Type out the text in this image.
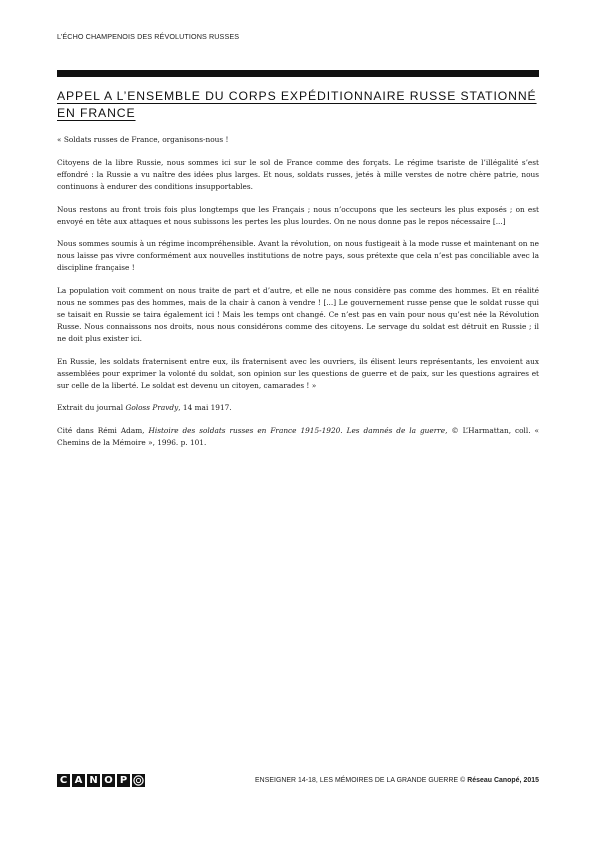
L’ÉCHO CHAMPENOIS DES RÉVOLUTIONS RUSSES
APPEL A L’ENSEMBLE DU CORPS EXPÉDITIONNAIRE RUSSE STATIONNÉ EN FRANCE

« Soldats russes de France, organisons-nous !

Citoyens de la libre Russie, nous sommes ici sur le sol de France comme des forçats. Le régime tsariste de l’illégalité s’est effondré : la Russie a vu naître des idées plus larges. Et nous, soldats russes, jetés à mille verstes de notre chère patrie, nous continuons à endurer des conditions insupportables.

Nous restons au front trois fois plus longtemps que les Français ; nous n’occupons que les secteurs les plus exposés ; on est envoyé en tête aux attaques et nous subissons les pertes les plus lourdes. On ne nous donne pas le repos nécessaire [...]

Nous sommes soumis à un régime incompréhensible. Avant la révolution, on nous fustigeait à la mode russe et maintenant on ne nous laisse pas vivre conformément aux nouvelles institutions de notre pays, sous prétexte que cela n’est pas conciliable avec la discipline française !

La population voit comment on nous traite de part et d’autre, et elle ne nous considère pas comme des hommes. Et en réalité nous ne sommes pas des hommes, mais de la chair à canon à vendre ! [...] Le gouvernement russe pense que le soldat russe qui se taisait en Russie se taira également ici ! Mais les temps ont changé. Ce n’est pas en vain pour nous qu’est née la Révolution Russe. Nous connaissons nos droits, nous nous considérons comme des citoyens. Le servage du soldat est détruit en Russie ; il ne doit plus exister ici.

En Russie, les soldats fraternisent entre eux, ils fraternisent avec les ouvriers, ils élisent leurs représentants, les envoient aux assemblées pour exprimer la volonté du soldat, son opinion sur les questions de guerre et de paix, sur les questions agraires et sur celle de la liberté. Le soldat est devenu un citoyen, camarades ! »

Extrait du journal Goloss Pravdy, 14 mai 1917.

Cité dans Rémi Adam, Histoire des soldats russes en France 1915-1920. Les damnés de la guerre, © L’Harmattan, coll. « Chemins de la Mémoire », 1996. p. 101.

C A N O P	ENSEIGNER 14-18, LES MÉMOIRES DE LA GRANDE GUERRE © Réseau Canopé, 2015
